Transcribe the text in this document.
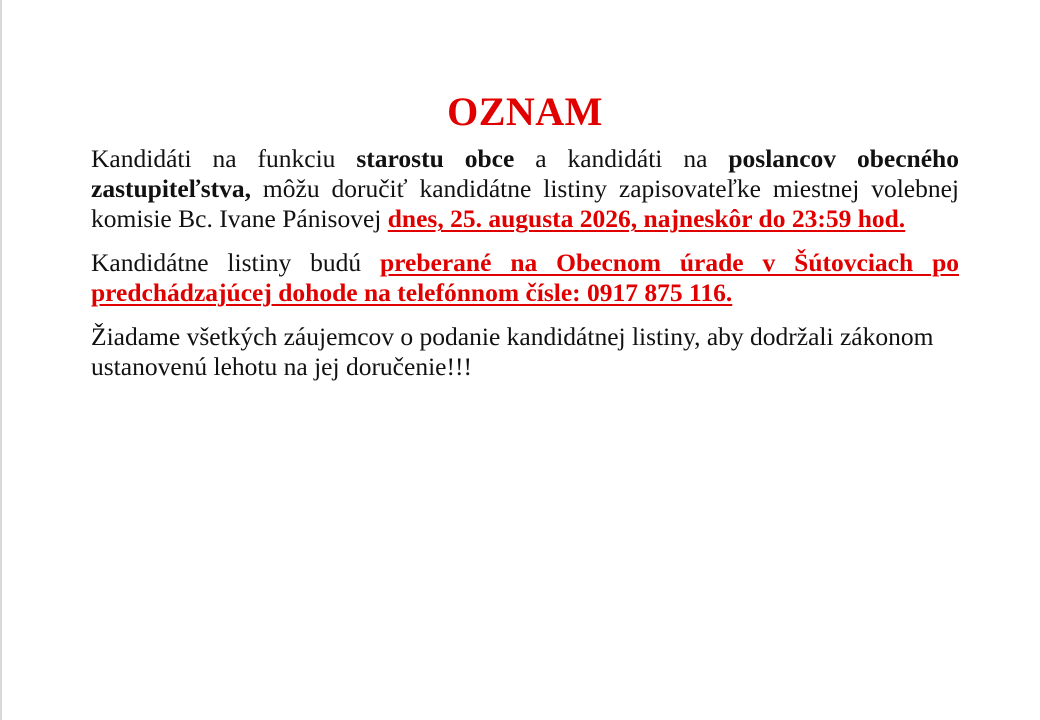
OZNAM

Kandidáti na funkciu starostu obce a kandidáti na poslancov obecného zastupiteľstva, môžu doručiť kandidátne listiny zapisovateľke miestnej volebnej komisie Bc. Ivane Pánisovej dnes, 25. augusta 2026, najneskôr do 23:59 hod.

Kandidátne listiny budú preberané na Obecnom úrade v Šútovciach po predchádzajúcej dohode na telefónnom čísle: 0917 875 116.

Žiadame všetkých záujemcov o podanie kandidátnej listiny, aby dodržali zákonom ustanovenú lehotu na jej doručenie!!!
